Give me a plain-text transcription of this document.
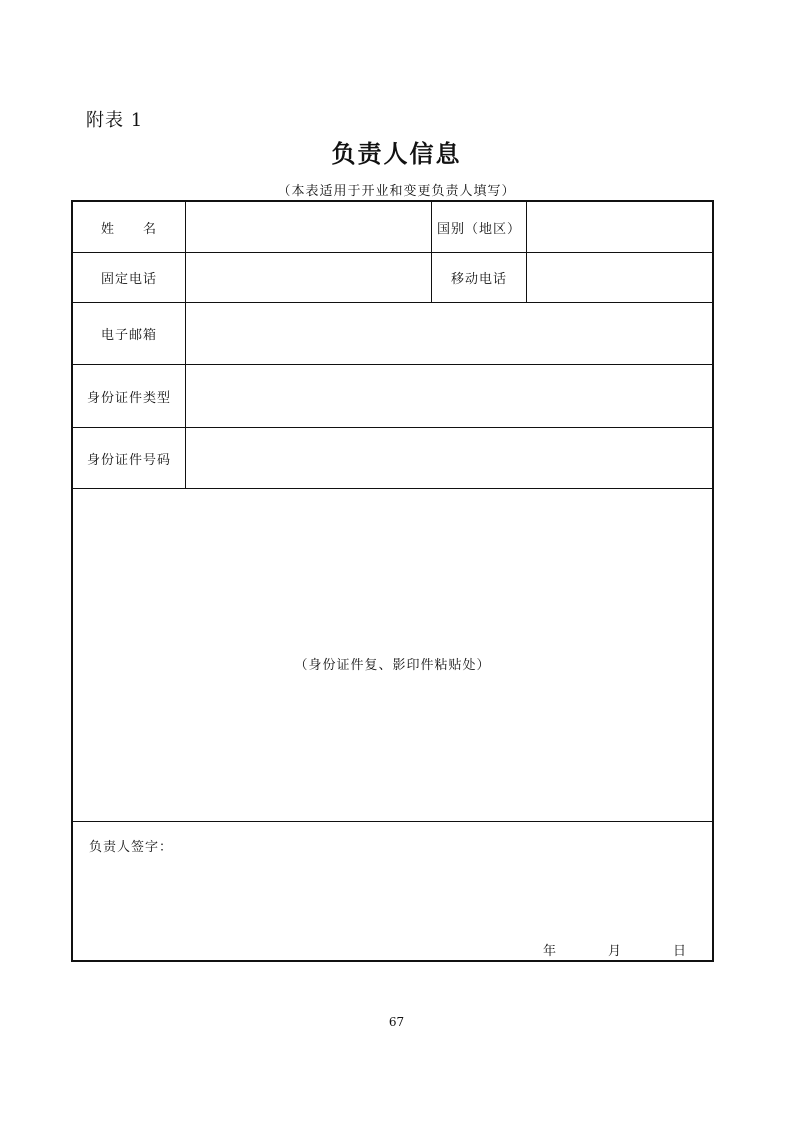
附表 1
负责人信息
（本表适用于开业和变更负责人填写）
姓 名	国别（地区）
固定电话	移动电话
电子邮箱
身份证件类型
身份证件号码
（身份证件复、影印件粘贴处）
负责人签字：
年	月	日
67
